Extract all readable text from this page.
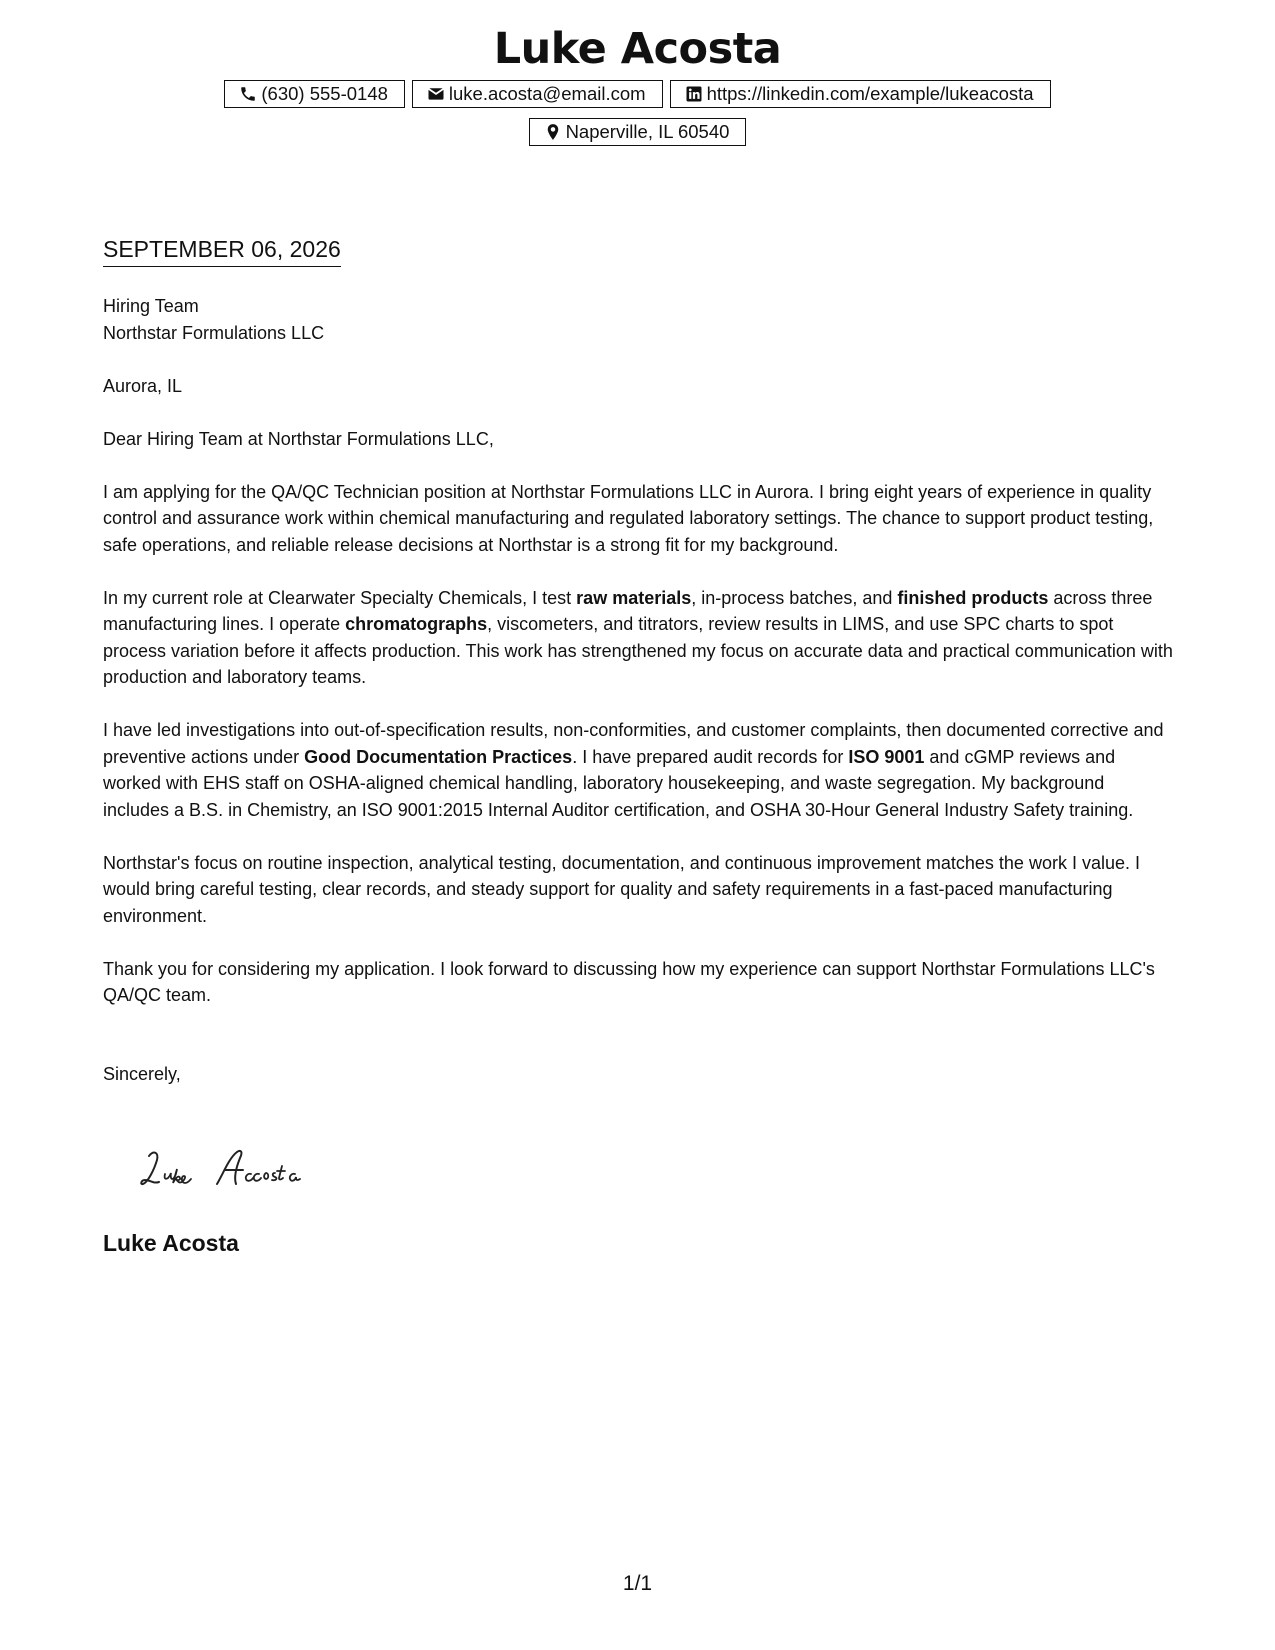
Luke Acosta
(630) 555-0148	luke.acosta@email.com	https://linkedin.com/example/lukeacosta
Naperville, IL 60540
SEPTEMBER 06, 2026

Hiring Team

Northstar Formulations LLC

Aurora, IL

Dear Hiring Team at Northstar Formulations LLC,

I am applying for the QA/QC Technician position at Northstar Formulations LLC in Aurora. I bring eight years of experience in quality control and assurance work within chemical manufacturing and regulated laboratory settings. The chance to support product testing, safe operations, and reliable release decisions at Northstar is a strong fit for my background.

In my current role at Clearwater Specialty Chemicals, I test raw materials, in-process batches, and finished products across three manufacturing lines. I operate chromatographs, viscometers, and titrators, review results in LIMS, and use SPC charts to spot process variation before it affects production. This work has strengthened my focus on accurate data and practical communication with production and laboratory teams.

I have led investigations into out-of-specification results, non-conformities, and customer complaints, then documented corrective and preventive actions under Good Documentation Practices. I have prepared audit records for ISO 9001 and cGMP reviews and worked with EHS staff on OSHA-aligned chemical handling, laboratory housekeeping, and waste segregation. My background includes a B.S. in Chemistry, an ISO 9001:2015 Internal Auditor certification, and OSHA 30-Hour General Industry Safety training.

Northstar's focus on routine inspection, analytical testing, documentation, and continuous improvement matches the work I value. I would bring careful testing, clear records, and steady support for quality and safety requirements in a fast-paced manufacturing environment.

Thank you for considering my application. I look forward to discussing how my experience can support Northstar Formulations LLC's QA/QC team.

Sincerely,

Luke Acosta
1/1
